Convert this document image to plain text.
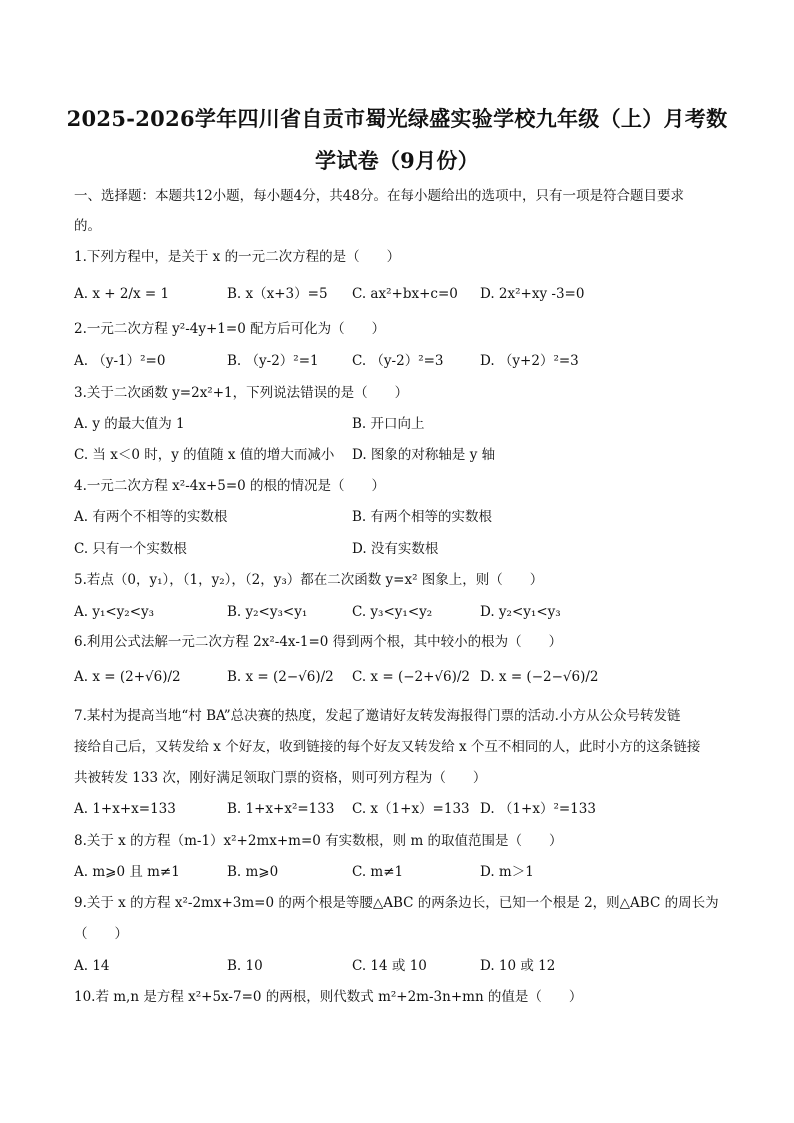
2025-2026学年四川省自贡市蜀光绿盛实验学校九年级（上）月考数
学试卷（9月份）
一、选择题：本题共12小题，每小题4分，共48分。在每小题给出的选项中，只有一项是符合题目要求
的。
1.下列方程中，是关于 x 的一元二次方程的是（　　）
A. x + 2/x = 1	B. x（x+3）=5 C. ax²+bx+c=0 D. 2x²+xy -3=0
2.一元二次方程 y²-4y+1=0 配方后可化为（　　）
A. （y-1）²=0	B. （y-2）²=1 C. （y-2）²=3	D. （y+2）²=3
3.关于二次函数 y=2x²+1，下列说法错误的是（　　）
A. y 的最大值为 1	B. 开口向上
C. 当 x＜0 时，y 的值随 x 值的增大而减小 D. 图象的对称轴是 y 轴
4.一元二次方程 x²-4x+5=0 的根的情况是（　　）
A. 有两个不相等的实数根	B. 有两个相等的实数根
C. 只有一个实数根	D. 没有实数根
5.若点（0，y₁），（1，y₂），（2，y₃）都在二次函数 y=x² 图象上，则（　　）
A. y₁<y₂<y₃	B. y₂<y₃<y₁	C. y₃<y₁<y₂	D. y₂<y₁<y₃
6.利用公式法解一元二次方程 2x²-4x-1=0 得到两个根，其中较小的根为（　　）
A. x = (2+√6)/2	B. x = (2−√6)/2 C. x = (−2+√6)/2 D. x = (−2−√6)/2
7.某村为提高当地“村 BA”总决赛的热度，发起了邀请好友转发海报得门票的活动.小方从公众号转发链
接给自己后，又转发给 x 个好友，收到链接的每个好友又转发给 x 个互不相同的人，此时小方的这条链接
共被转发 133 次，刚好满足领取门票的资格，则可列方程为（　　）
A. 1+x+x=133	B. 1+x+x²=133 C. x（1+x）=133 D. （1+x）²=133
8.关于 x 的方程（m-1）x²+2mx+m=0 有实数根，则 m 的取值范围是（　　）
A. m⩾0 且 m≠1	B. m⩾0	C. m≠1	D. m＞1
9.关于 x 的方程 x²-2mx+3m=0 的两个根是等腰△ABC 的两条边长，已知一个根是 2，则△ABC 的周长为
（　　）
A. 14	B. 10	C. 14 或 10	D. 10 或 12
10.若 m,n 是方程 x²+5x-7=0 的两根，则代数式 m²+2m-3n+mn 的值是（　　）
